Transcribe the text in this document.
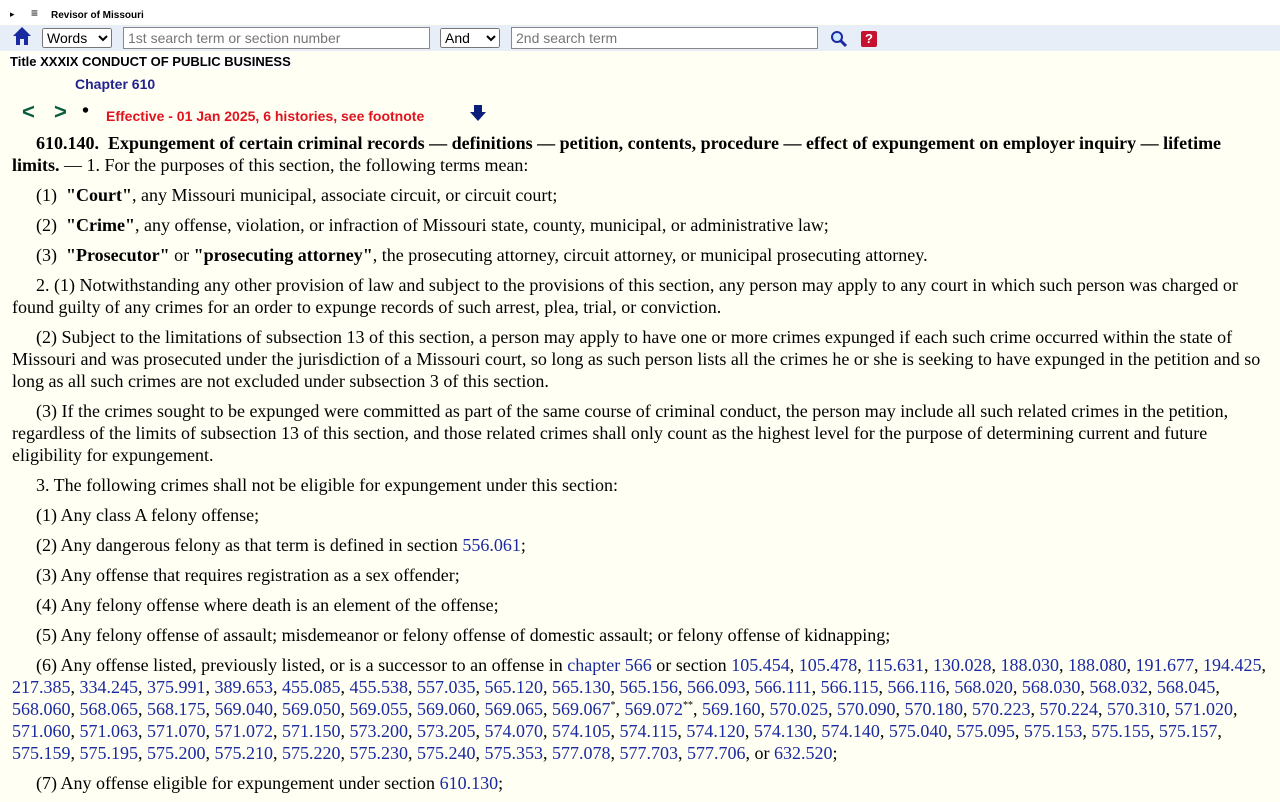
▸ ≡ Revisor of Missouri
Words
1st search term or section number
And
2nd search term
?
Title XXXIX CONDUCT OF PUBLIC BUSINESS
Chapter 610
< > • Effective - 01 Jan 2025, 6 histories, see footnote

610.140. Expungement of certain criminal records — definitions — petition, contents, procedure — effect of expungement on employer inquiry — lifetime limits. — 1. For the purposes of this section, the following terms mean:

(1) "Court", any Missouri municipal, associate circuit, or circuit court;

(2) "Crime", any offense, violation, or infraction of Missouri state, county, municipal, or administrative law;

(3) "Prosecutor" or "prosecuting attorney", the prosecuting attorney, circuit attorney, or municipal prosecuting attorney.

2. (1) Notwithstanding any other provision of law and subject to the provisions of this section, any person may apply to any court in which such person was charged or found guilty of any crimes for an order to expunge records of such arrest, plea, trial, or conviction.

(2) Subject to the limitations of subsection 13 of this section, a person may apply to have one or more crimes expunged if each such crime occurred within the state of Missouri and was prosecuted under the jurisdiction of a Missouri court, so long as such person lists all the crimes he or she is seeking to have expunged in the petition and so long as all such crimes are not excluded under subsection 3 of this section.

(3) If the crimes sought to be expunged were committed as part of the same course of criminal conduct, the person may include all such related crimes in the petition, regardless of the limits of subsection 13 of this section, and those related crimes shall only count as the highest level for the purpose of determining current and future eligibility for expungement.

3. The following crimes shall not be eligible for expungement under this section:

(1) Any class A felony offense;

(2) Any dangerous felony as that term is defined in section 556.061;

(3) Any offense that requires registration as a sex offender;

(4) Any felony offense where death is an element of the offense;

(5) Any felony offense of assault; misdemeanor or felony offense of domestic assault; or felony offense of kidnapping;

(6) Any offense listed, previously listed, or is a successor to an offense in chapter 566 or section 105.454, 105.478, 115.631, 130.028, 188.030, 188.080, 191.677, 194.425, 217.385, 334.245, 375.991, 389.653, 455.085, 455.538, 557.035, 565.120, 565.130, 565.156, 566.093, 566.111, 566.115, 566.116, 568.020, 568.030, 568.032, 568.045, 568.060, 568.065, 568.175, 569.040, 569.050, 569.055, 569.060, 569.065, 569.067*, 569.072**, 569.160, 570.025, 570.090, 570.180, 570.223, 570.224, 570.310, 571.020, 571.060, 571.063, 571.070, 571.072, 571.150, 573.200, 573.205, 574.070, 574.105, 574.115, 574.120, 574.130, 574.140, 575.040, 575.095, 575.153, 575.155, 575.157, 575.159, 575.195, 575.200, 575.210, 575.220, 575.230, 575.240, 575.353, 577.078, 577.703, 577.706, or 632.520;

(7) Any offense eligible for expungement under section 610.130;
